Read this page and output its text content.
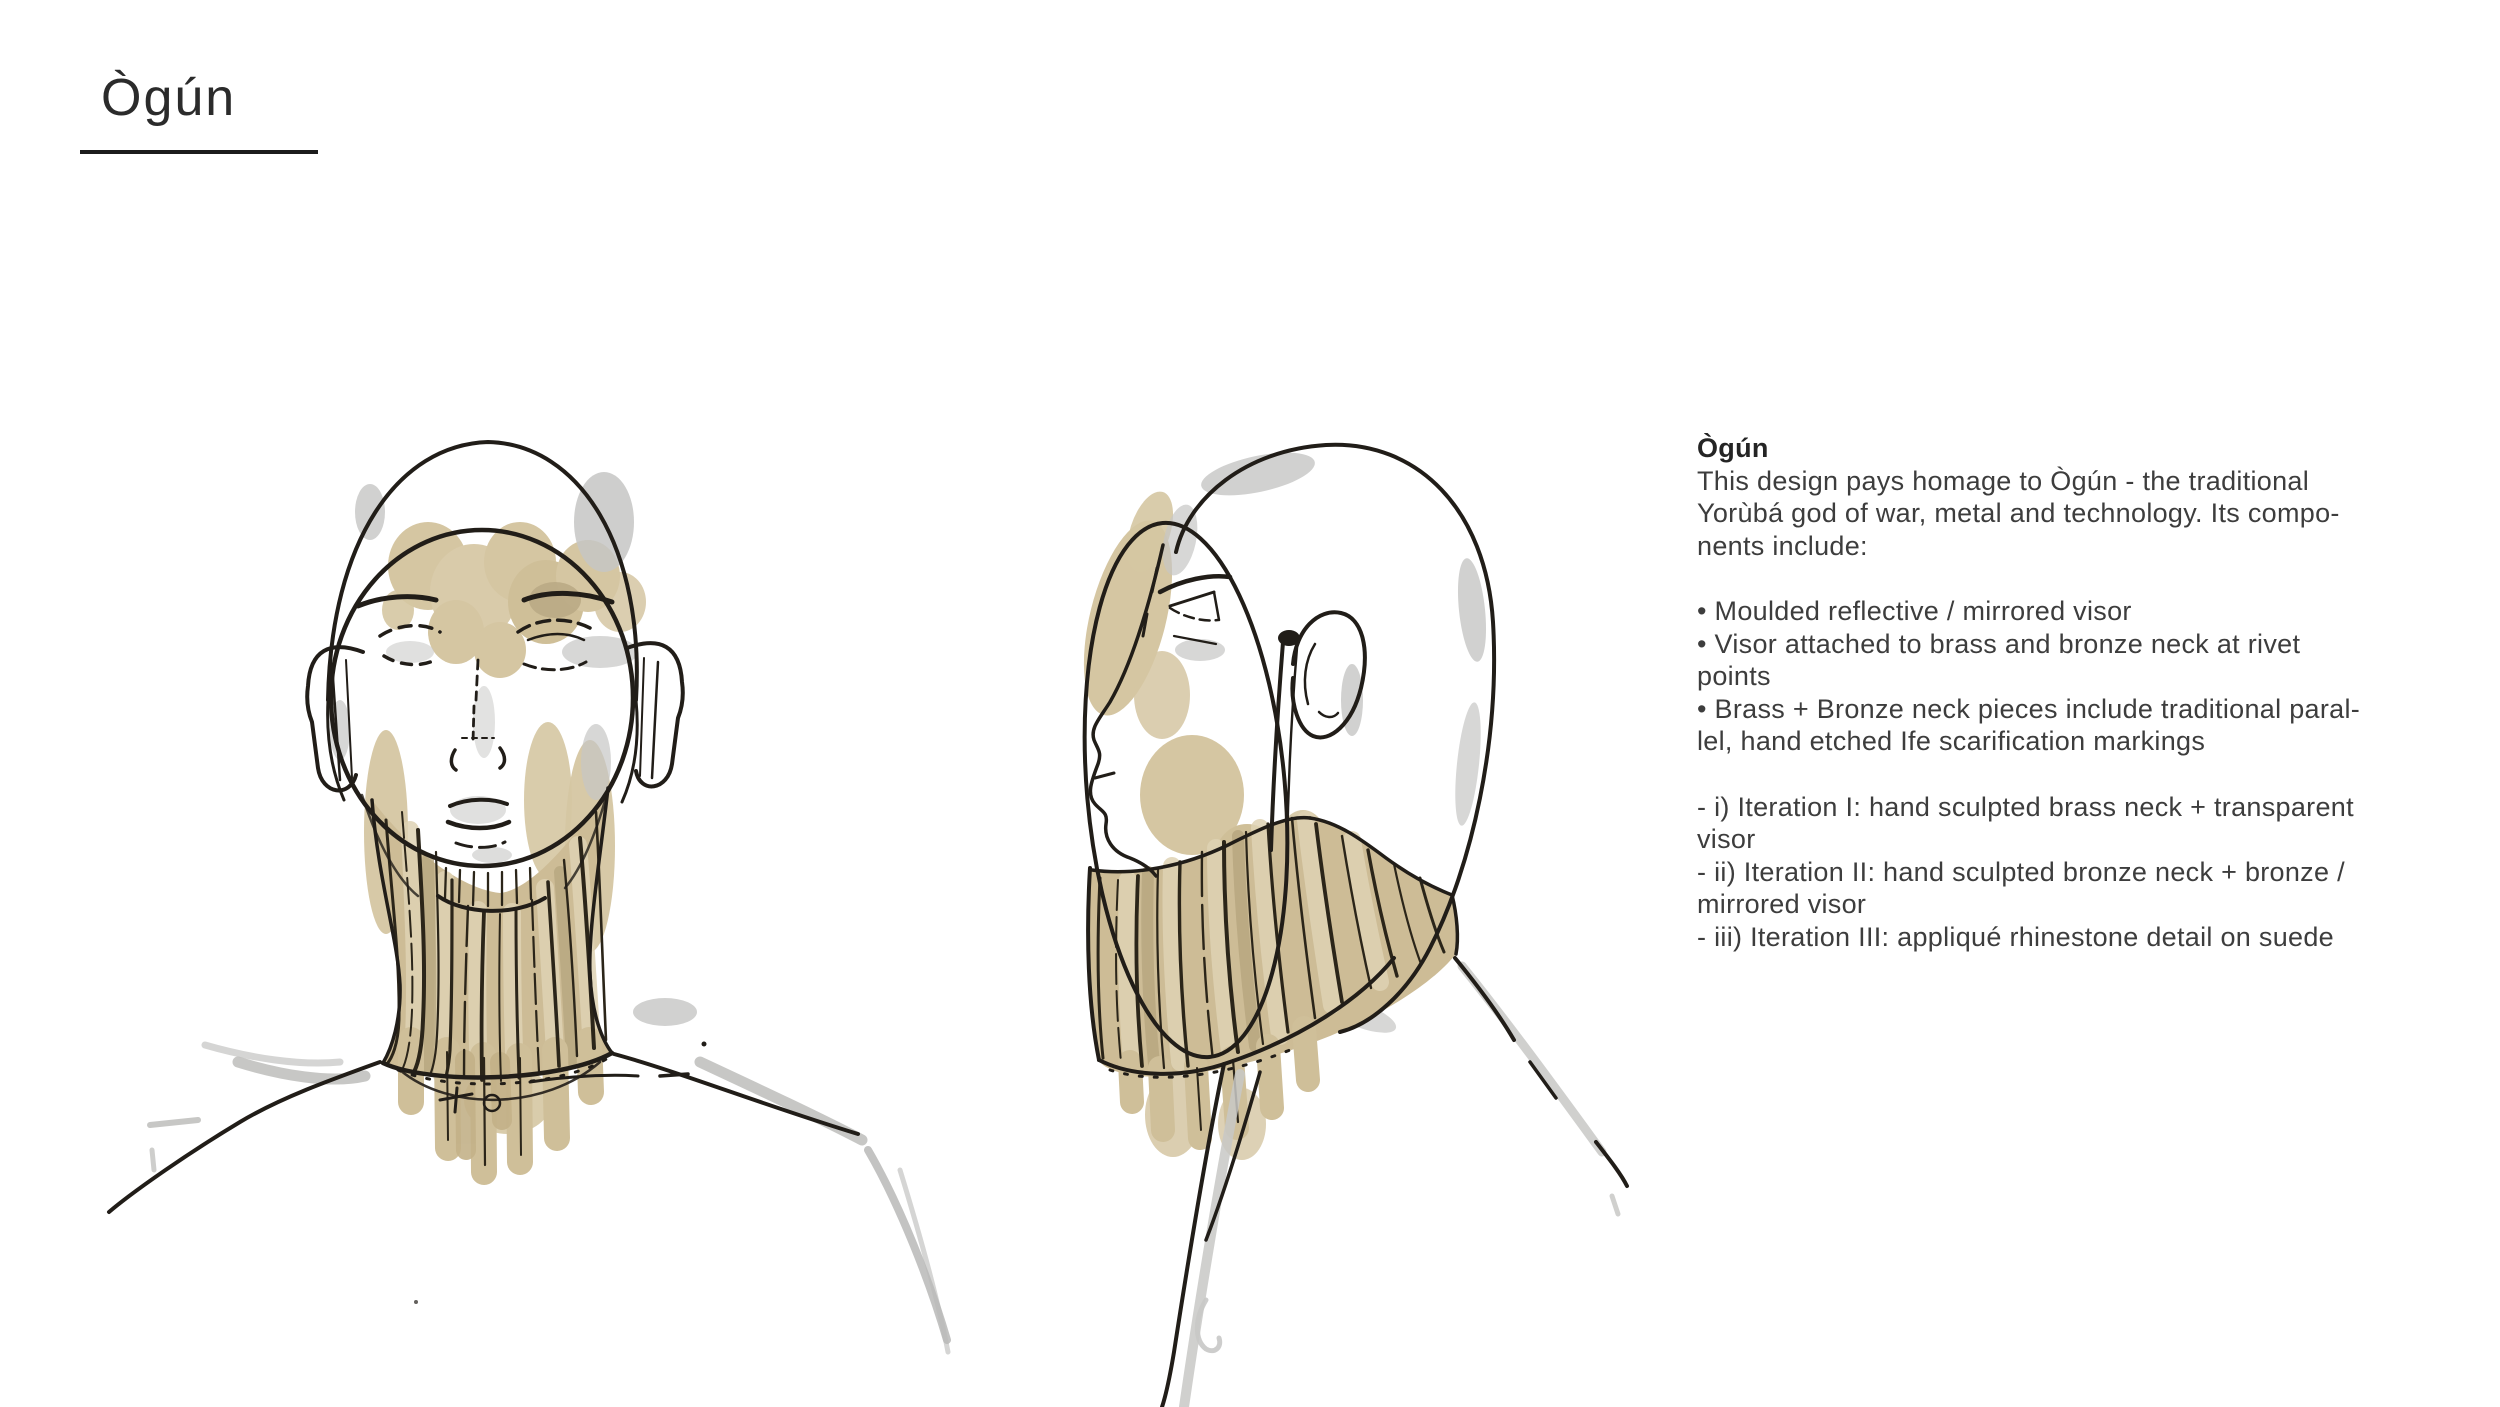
Ògún
Ògún
This design pays homage to Ògún - the traditional
Yorùbá god of war, metal and technology. Its compo-
nents include:
• Moulded reflective / mirrored visor
• Visor attached to brass and bronze neck at rivet
points
• Brass + Bronze neck pieces include traditional paral-
lel, hand etched Ife scarification markings
- i) Iteration I: hand sculpted brass neck + transparent
visor
- ii) Iteration II: hand sculpted bronze neck + bronze /
mirrored visor
- iii) Iteration III: appliqué rhinestone detail on suede
